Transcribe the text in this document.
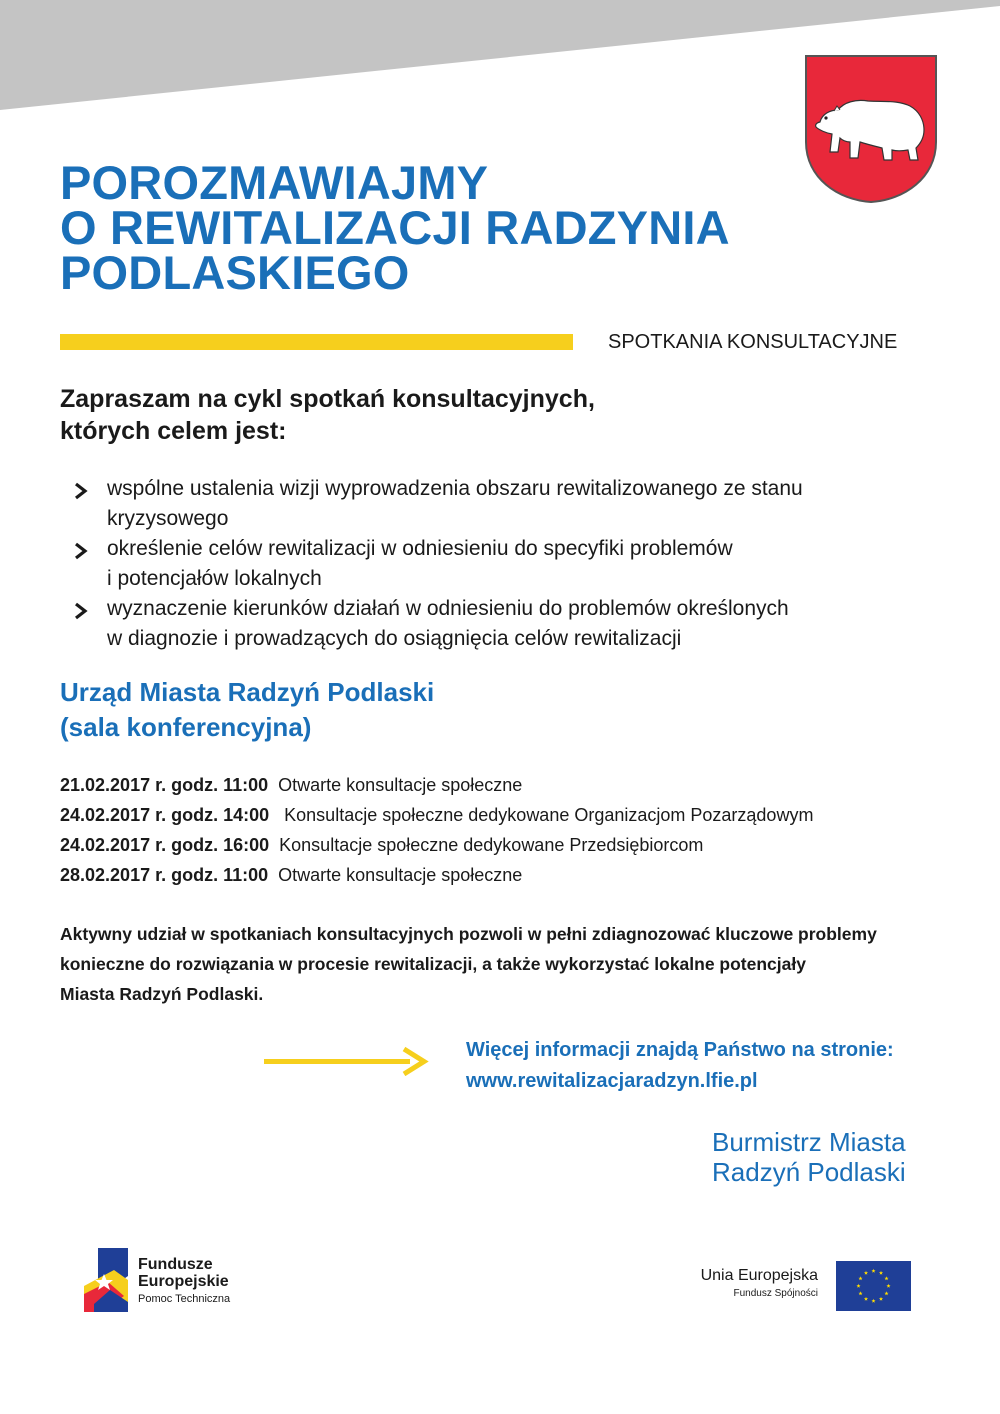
POROZMAWIAJMY
O REWITALIZACJI RADZYNIA
PODLASKIEGO
SPOTKANIA KONSULTACYJNE
Zapraszam na cykl spotkań konsultacyjnych,
których celem jest:
wspólne ustalenia wizji wyprowadzenia obszaru rewitalizowanego ze stanu
kryzysowego
określenie celów rewitalizacji w odniesieniu do specyfiki problemów
i potencjałów lokalnych
wyznaczenie kierunków działań w odniesieniu do problemów określonych
w diagnozie i prowadzących do osiągnięcia celów rewitalizacji
Urząd Miasta Radzyń Podlaski
(sala konferencyjna)
21.02.2017 r. godz. 11:00 Otwarte konsultacje społeczne
24.02.2017 r. godz. 14:00 Konsultacje społeczne dedykowane Organizacjom Pozarządowym
24.02.2017 r. godz. 16:00 Konsultacje społeczne dedykowane Przedsiębiorcom
28.02.2017 r. godz. 11:00 Otwarte konsultacje społeczne
Aktywny udział w spotkaniach konsultacyjnych pozwoli w pełni zdiagnozować kluczowe problemy
konieczne do rozwiązania w procesie rewitalizacji, a także wykorzystać lokalne potencjały
Miasta Radzyń Podlaski.
Więcej informacji znajdą Państwo na stronie:
www.rewitalizacjaradzyn.lfie.pl
Burmistrz Miasta
Radzyń Podlaski
Fundusze
Europejskie
Pomoc Techniczna
Unia Europejska
Fundusz Spójności
